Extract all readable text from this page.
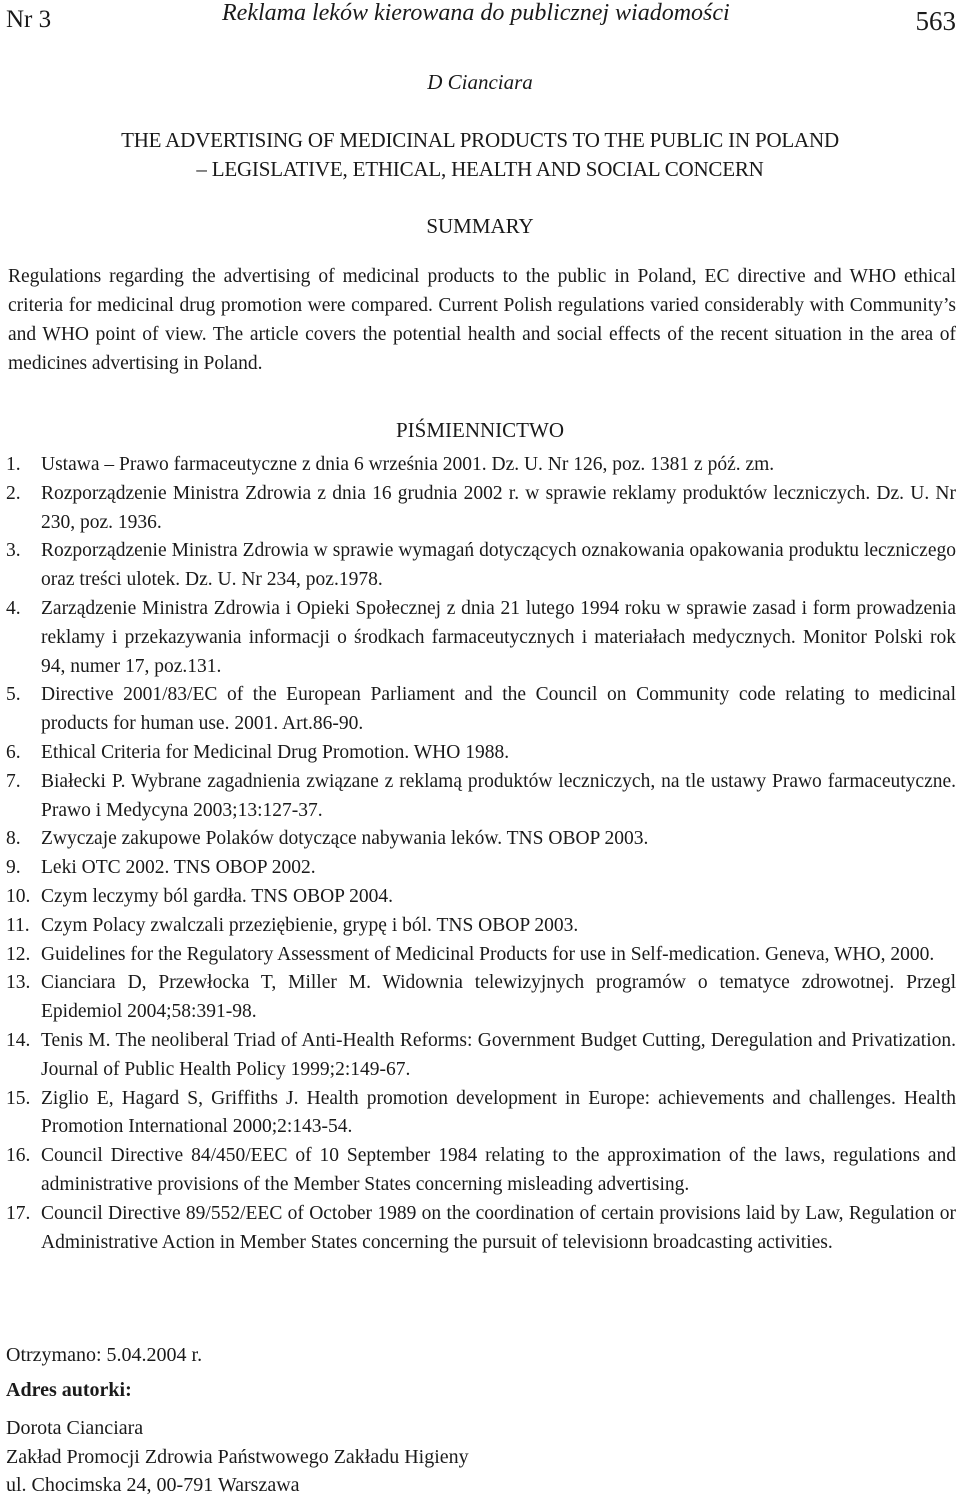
Nr 3	Reklama leków kierowana do publicznej wiadomości	563
D Cianciara
THE ADVERTISING OF MEDICINAL PRODUCTS TO THE PUBLIC IN POLAND
– LEGISLATIVE, ETHICAL, HEALTH AND SOCIAL CONCERN
SUMMARY

Regulations regarding the advertising of medicinal products to the public in Poland, EC directive and WHO ethical criteria for medicinal drug promotion were compared. Current Polish regulations varied considerably with Community’s and WHO point of view. The article covers the potential health and social effects of the recent situation in the area of medicines advertising in Poland.

PIŚMIENNICTWO
1. Ustawa – Prawo farmaceutyczne z dnia 6 września 2001. Dz. U. Nr 126, poz. 1381 z póź. zm.
2. Rozporządzenie Ministra Zdrowia z dnia 16 grudnia 2002 r. w sprawie reklamy produktów leczniczych. Dz. U. Nr 230, poz. 1936.
3. Rozporządzenie Ministra Zdrowia w sprawie wymagań dotyczących oznakowania opakowania produktu leczniczego oraz treści ulotek. Dz. U. Nr 234, poz.1978.
4. Zarządzenie Ministra Zdrowia i Opieki Społecznej z dnia 21 lutego 1994 roku w sprawie zasad i form prowadzenia reklamy i przekazywania informacji o środkach farmaceutycznych i materiałach medycznych. Monitor Polski rok 94, numer 17, poz.131.
5. Directive 2001/83/EC of the European Parliament and the Council on Community code relating to medicinal products for human use. 2001. Art.86-90.
6. Ethical Criteria for Medicinal Drug Promotion. WHO 1988.
7. Białecki P. Wybrane zagadnienia związane z reklamą produktów leczniczych, na tle ustawy Prawo farmaceutyczne. Prawo i Medycyna 2003;13:127-37.
8. Zwyczaje zakupowe Polaków dotyczące nabywania leków. TNS OBOP 2003.
9. Leki OTC 2002. TNS OBOP 2002.
10. Czym leczymy ból gardła. TNS OBOP 2004.
11. Czym Polacy zwalczali przeziębienie, grypę i ból. TNS OBOP 2003.
12. Guidelines for the Regulatory Assessment of Medicinal Products for use in Self-medication. Geneva, WHO, 2000.
13. Cianciara D, Przewłocka T, Miller M. Widownia telewizyjnych programów o tematyce zdrowotnej. Przegl Epidemiol 2004;58:391-98.
14. Tenis M. The neoliberal Triad of Anti-Health Reforms: Government Budget Cutting, Deregulation and Privatization. Journal of Public Health Policy 1999;2:149-67.
15. Ziglio E, Hagard S, Griffiths J. Health promotion development in Europe: achievements and challenges. Health Promotion International 2000;2:143-54.
16. Council Directive 84/450/EEC of 10 September 1984 relating to the approximation of the laws, regulations and administrative provisions of the Member States concerning misleading advertising.
17. Council Directive 89/552/EEC of October 1989 on the coordination of certain provisions laid by Law, Regulation or Administrative Action in Member States concerning the pursuit of televisionn broadcasting activities.
Otrzymano: 5.04.2004 r.
Adres autorki:
Dorota Cianciara
Zakład Promocji Zdrowia Państwowego Zakładu Higieny
ul. Chocimska 24, 00-791 Warszawa
